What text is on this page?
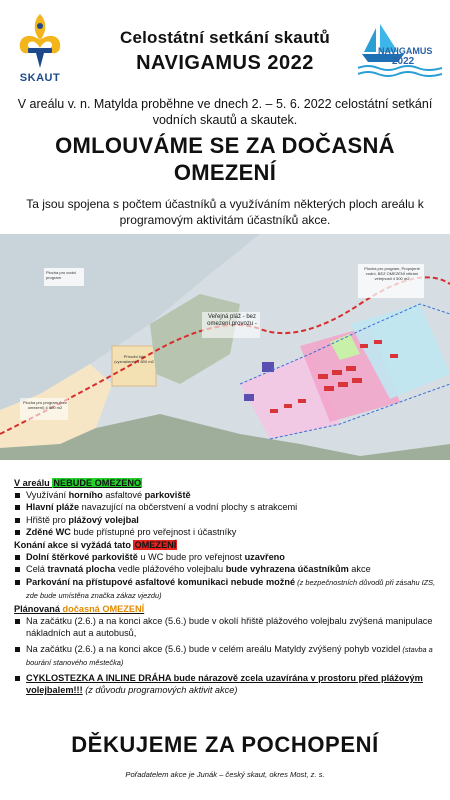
SKAUT
Celostátní setkání skautů
NAVIGAMUS 2022
NAVIGAMUS
2022
V areálu v. n. Matylda proběhne ve dnech 2. – 5. 6. 2022 celostátní setkání vodních skautů a skautek.
OMLOUVÁME SE ZA DOČASNÁ
OMEZENÍ
Ta jsou spojena s počtem účastníků a využíváním některých ploch areálu k programovým aktivitám účastníků akce.
Plocha pro vodní program
Plocha pro program (bez omezení) 4 800 m2
Přírodní tok (vyznačené) 1 800 m2
Veřejná pláž - bez omezení provozu -
Plocha pro program, Propojené vodní, BEZ OMEZENÍ větrání veřejnosti 4 500 m2
V areálu NEBUDE OMEZENO
Využívání horního asfaltové parkoviště
Hlavní pláže navazující na občerstvení a vodní plochy s atrakcemi
Hřiště pro plážový volejbal
Zděné WC bude přístupné pro veřejnost i účastníky
Konání akce si vyžádá tato OMEZENÍ
Dolní štěrkové parkoviště u WC bude pro veřejnost uzavřeno
Celá travnatá plocha vedle plážového volejbalu bude vyhrazena účastníkům akce
Parkování na přístupové asfaltové komunikaci nebude možné (z bezpečnostních důvodů při zásahu IZS, zde bude umístěna značka zákaz vjezdu)
Plánovaná dočasná OMEZENÍ
Na začátku (2.6.) a na konci akce (5.6.) bude v okolí hřiště plážového volejbalu zvýšená manipulace nákladních aut a autobusů,
Na začátku (2.6.) a na konci akce (5.6.) bude v celém areálu Matyldy zvýšený pohyb vozidel (stavba a bourání stanového městečka)
CYKLOSTEZKA A INLINE DRÁHA bude nárazově zcela uzavírána v prostoru před plážovým volejbalem!!! (z důvodu programových aktivit akce)
DĚKUJEME ZA POCHOPENÍ
Pořadatelem akce je Junák – český skaut, okres Most, z. s.
